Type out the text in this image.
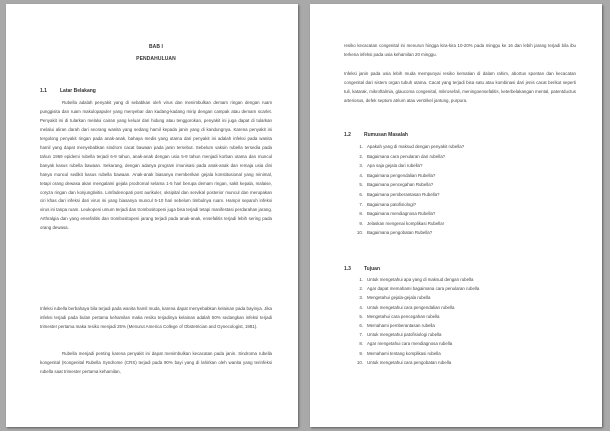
BAB I
PENDAHULUAN
1.1	Latar Belakang
Rubella adalah penyakit yang di sebabkan oleh virus dan menimbulkan demam ringan dengan ruam punggisita dan ruam makulopapuler yang menyebar dan kadang-kadang mirip dengan campak atau demam scarlet. Penyakit ini di tularkan melalui cairan yang keluar dari hidung atau tenggorokan, penyakit ini juga dapat di tularkan melalui aliran darah dari seorang wanita yang sedang hamil kepada janin yang di kandungnya. Karena penyakit ini tergolong penyakit ringan pada anak-anak, bahaya medis yang utama dari penyakit ini adalah infeksi pada wanita hamil yang dapat menyebabkan sindrom cacat bawaan pada janin tersebut. Sebelum vaksin rubella tersedia pada tahun 1969 epidemi rubella terjadi 6-9 tahun, anak-anak dengan usia 5-9 tahun menjadi korban utama dan muncul banyak kasus rubella bawaan. Sekarang, dengan adanya program imunisasi pada anak-anak dan remaja usia dini hanya muncul sedikit kasus rubella bawaan. Anak-anak biasanya memberikan gejala konstitusional yang minimal, tetapi orang dewasa akan mengalami gejala prodromal selama 1-5 hari berupa demam ringan, sakit kepala, malaise, coryza ringan dan konjungtivitis. Limfadenopati post aurikuler, oksipital dan servikal posterior muncul dan merupakan ciri khas dari infeksi dari virus ini yang biasanya muncul 5-10 hari sebelum timbulnya ruam. Hampir separuh infeksi virus ini tanpa ruam. Leukopeni umum terjadi dan trombositopeni juga bisa terjadi tetapi manifestasi perdarahan jarang. Arthralgia dan yang ensefalitis dan trombositopeni jarang terjadi pada anak-anak, ensefalitis terjadi lebih sering pada orang dewasa.
Infeksi rubella berbahaya bila terjadi pada wanita hamil muda, karena dapat menyebabkan kelainan pada bayinya. Jika infeksi terjadi pada bulan pertama kehamilan maka resiko terjadinya kelainan adalah 50% sedangkan infeksi terjadi trimester pertama maka resiko menjadi 25% (Menurut America College of Obstetrician and Gynecologist, 1981).
Rubella menjadi penting karena penyakit ini dapat menimbulkan kecacatan pada janin. Sindroma rubella kongenital (Kongenital Rubella Syndrome (CRS) terjadi pada 90% bayi yang di lahirkan oleh wanita yang terinfeksi rubella saat trimester pertama kehamilan,
resiko kecacatan congenital ini menurun hingga kira-kira 10-20% pada minggu ke 16 dan lebih jarang terjadi bila ibu terkena infeksi pada usia kehamilan 20 minggu.
Infeksi janin pada usia lebih muda mempunyai resiko kematian di dalam rahim, abortus spontan dan kecacatan congenital dari sistem organ tubuh utama. Cacat yang terjadi bisa satu atau kombinasi dari jenis cacat berikut seperti tuli, katarak, mikroftalmia, glaucoma congenital, mikrosefali, meningoensefalitis, keterbelakangan mental, patentductus arteriosus, defek septum atrium atau ventrikel jantung, purpura.
1.2	Rumusan Masalah
1. Apakah yang di maksud dengan penyakit rubella?
2. Bagaimana cara penularan dari rubella?
3. Apa saja gejala dari rubella?
4. Bagaimana pengendalian Rubella?
5. Bagaimana pencegahan Rubella?
6. Bagaimana pemberantasan Rubella?
7. Bagaimana patofisiologi?
8. Bagaimana mendiagnosa Rubella?
9. Jelaskan mengenai komplikasi Rubella!
10. Bagaimana pengobatan Rubella?
1.3	Tujuan
1. Untuk mengetahui apa yang di maksud dengan rubella
2. Agar dapat memahami bagaimana cara penularan rubella
3. Mengetahui gejala-gejala rubella
4. Untuk mengetahui cara pengendalian rubella
5. Mengetahui cara pencegahan rubella
6. Memahami pemberantasan rubella
7. Untuk mengetahui patofisiologi rubella
8. Agar mengetahui cara mendiagnosa rubella
9. Memahami tentang komplikasi rubella
10. Untuk mengetahui cara pengobatan rubella
